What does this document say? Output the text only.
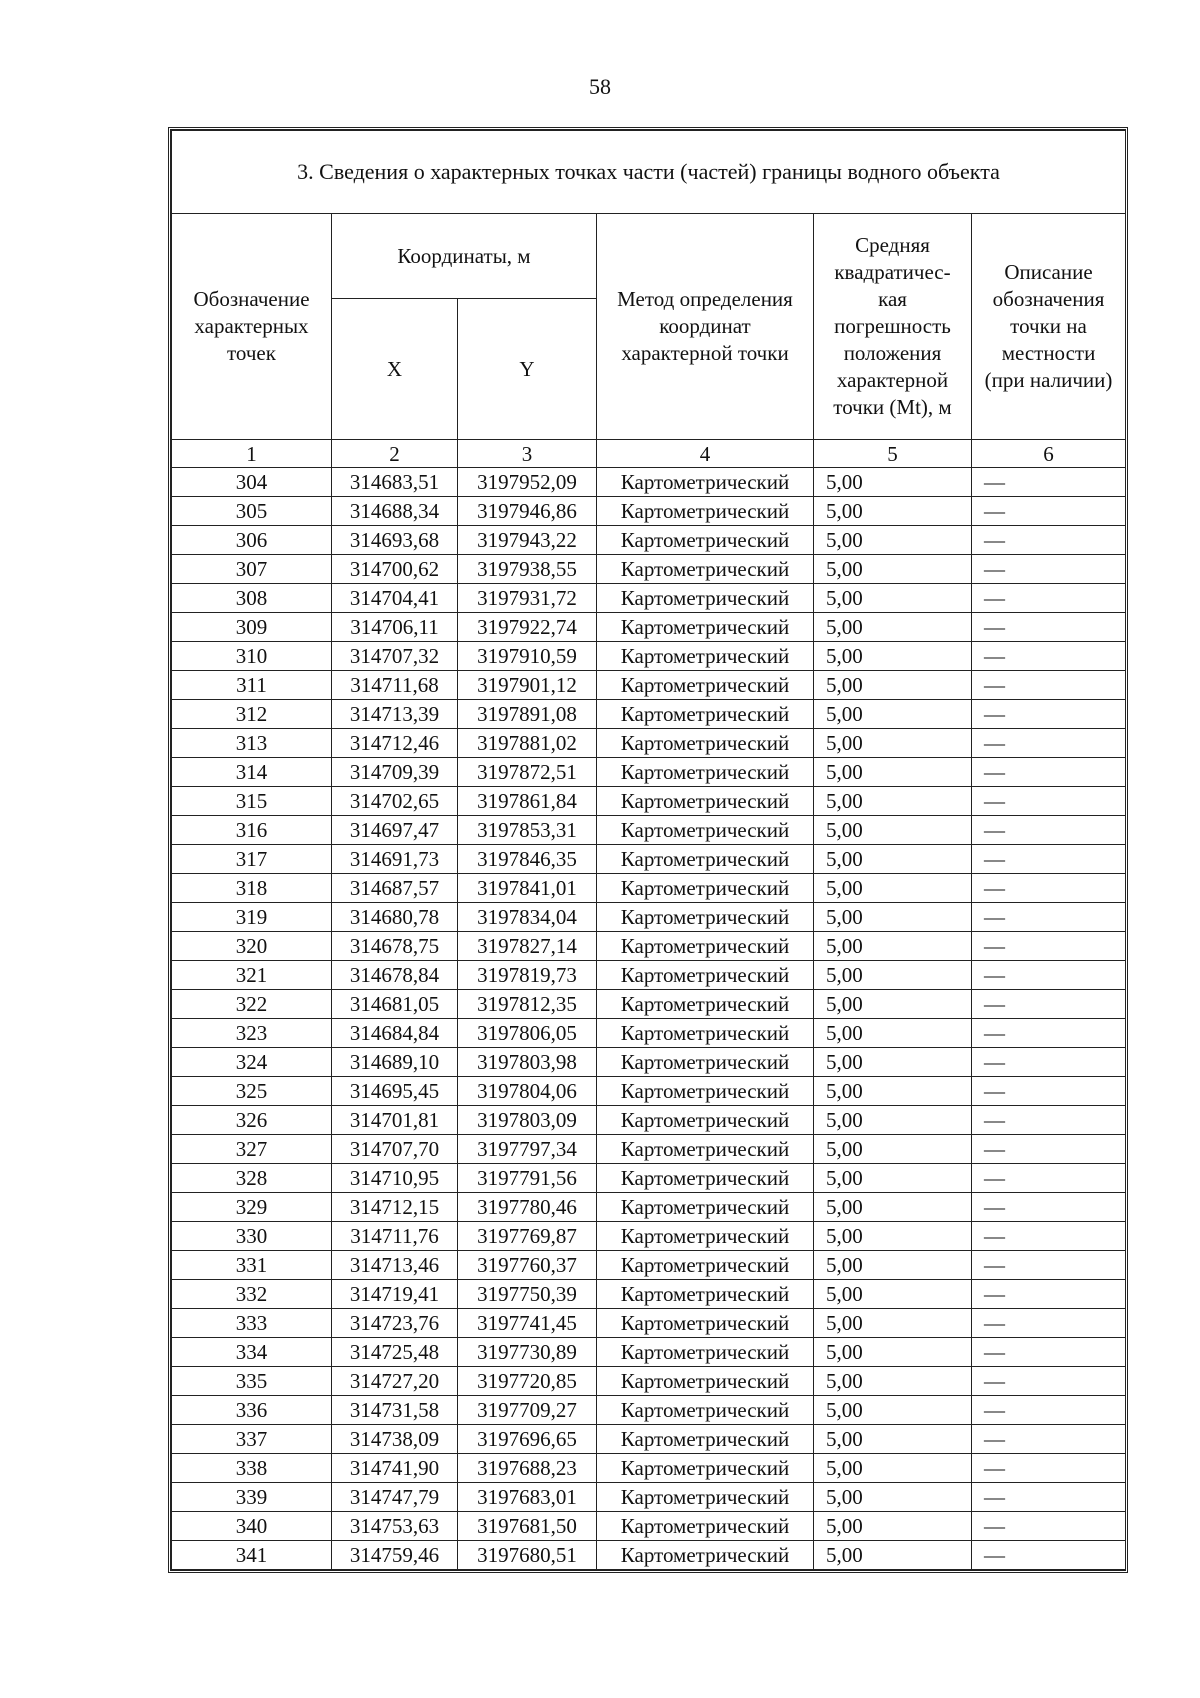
58
3. Сведения о характерных точках части (частей) границы водного объекта					
Обозначение характерных точек	Координаты, м		Метод определения координат характерной точки	Средняя квадратичес-кая погрешность положения характерной точки (Mt), м	Описание обозначения точки на местности (при наличии)
	X	Y			
1	2	3	4	5	6
304	314683,51	3197952,09	Картометрический	5,00	—
305	314688,34	3197946,86	Картометрический	5,00	—
306	314693,68	3197943,22	Картометрический	5,00	—
307	314700,62	3197938,55	Картометрический	5,00	—
308	314704,41	3197931,72	Картометрический	5,00	—
309	314706,11	3197922,74	Картометрический	5,00	—
310	314707,32	3197910,59	Картометрический	5,00	—
311	314711,68	3197901,12	Картометрический	5,00	—
312	314713,39	3197891,08	Картометрический	5,00	—
313	314712,46	3197881,02	Картометрический	5,00	—
314	314709,39	3197872,51	Картометрический	5,00	—
315	314702,65	3197861,84	Картометрический	5,00	—
316	314697,47	3197853,31	Картометрический	5,00	—
317	314691,73	3197846,35	Картометрический	5,00	—
318	314687,57	3197841,01	Картометрический	5,00	—
319	314680,78	3197834,04	Картометрический	5,00	—
320	314678,75	3197827,14	Картометрический	5,00	—
321	314678,84	3197819,73	Картометрический	5,00	—
322	314681,05	3197812,35	Картометрический	5,00	—
323	314684,84	3197806,05	Картометрический	5,00	—
324	314689,10	3197803,98	Картометрический	5,00	—
325	314695,45	3197804,06	Картометрический	5,00	—
326	314701,81	3197803,09	Картометрический	5,00	—
327	314707,70	3197797,34	Картометрический	5,00	—
328	314710,95	3197791,56	Картометрический	5,00	—
329	314712,15	3197780,46	Картометрический	5,00	—
330	314711,76	3197769,87	Картометрический	5,00	—
331	314713,46	3197760,37	Картометрический	5,00	—
332	314719,41	3197750,39	Картометрический	5,00	—
333	314723,76	3197741,45	Картометрический	5,00	—
334	314725,48	3197730,89	Картометрический	5,00	—
335	314727,20	3197720,85	Картометрический	5,00	—
336	314731,58	3197709,27	Картометрический	5,00	—
337	314738,09	3197696,65	Картометрический	5,00	—
338	314741,90	3197688,23	Картометрический	5,00	—
339	314747,79	3197683,01	Картометрический	5,00	—
340	314753,63	3197681,50	Картометрический	5,00	—
341	314759,46	3197680,51	Картометрический	5,00	—
